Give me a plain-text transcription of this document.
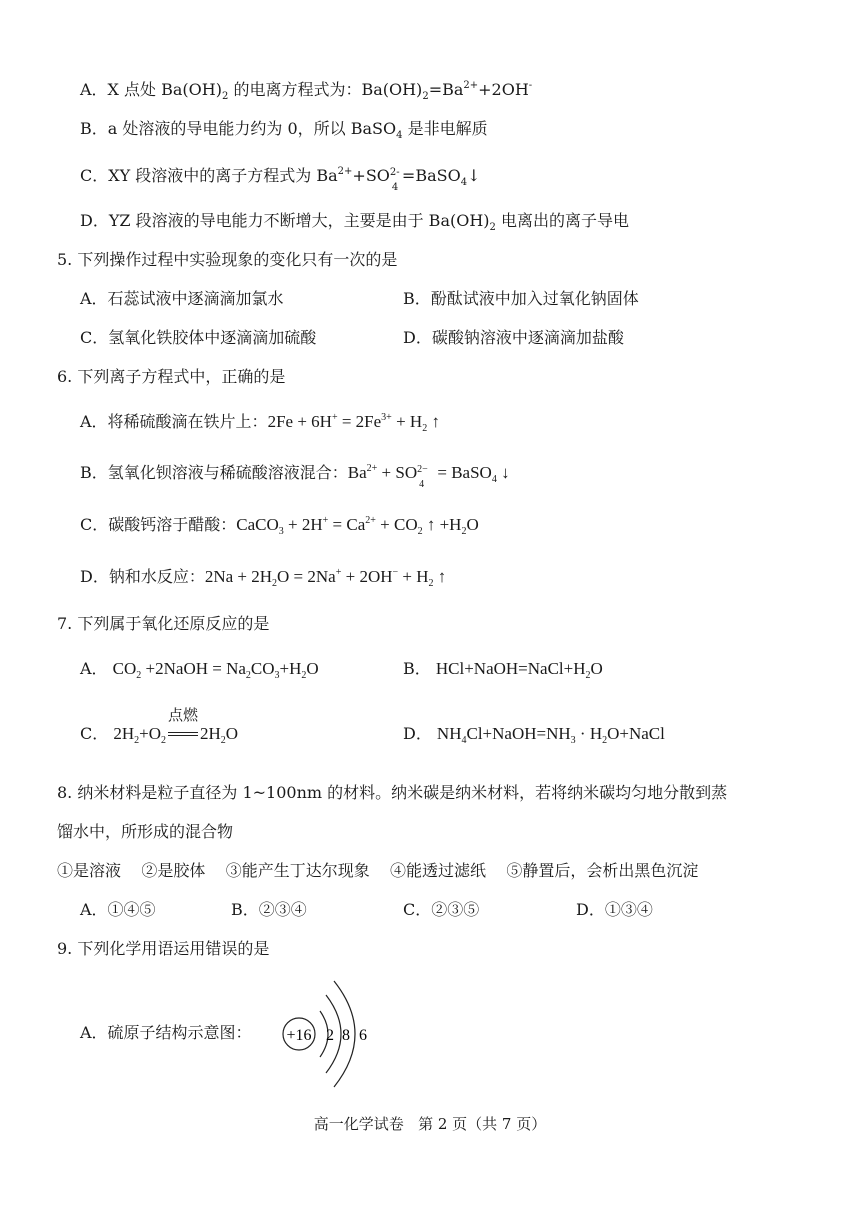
A．X 点处 $Ba(OH)_2$ 的电离方程式为：$Ba(OH)_2=Ba^{2+}+2OH^-$
B．a 处溶液的导电能力约为 0，所以 BaSO$_4$ 是非电解质
C．XY 段溶液中的离子方程式为 $Ba^{2+}+SO$ 2-
4
=BaSO$_4$↓
D．YZ 段溶液的导电能力不断增大，主要是由于 $Ba(OH)_2$ 电离出的离子导电
5. 下列操作过程中实验现象的变化只有一次的是
A．石蕊试液中逐滴滴加氯水	B．酚酞试液中加入过氧化钠固体
C．氢氧化铁胶体中逐滴滴加硫酸	D．碳酸钠溶液中逐滴滴加盐酸
6. 下列离子方程式中，正确的是
A．将稀硫酸滴在铁片上：$2Fe + 6H^+ = 2Fe^{3+} + H_2$ ↑
B．氢氧化钡溶液与稀硫酸溶液混合：$Ba^{2+}$ + SO 2−
4
= BaSO$_4$ ↓
C．碳酸钙溶于醋酸：CaCO$_3$ + $2H^+ = Ca^{2+} + CO_2$ ↑ $+H_2O$
D．钠和水反应：$2Na + 2H_2O = 2Na^+ + 2OH^- + H_2$ ↑
7. 下列属于氧化还原反应的是
A． $CO_2$ +2NaOH = $Na_2CO_3+H_2O$	B． $HCl+NaOH=NaCl+H_2O$
C． $2H_2+O_2$
点燃
$2H_2O$	D． $NH_4Cl+NaOH=NH_3$ · $H_2O+NaCl$
8. 纳米材料是粒子直径为 1~100nm 的材料。纳米碳是纳米材料，若将纳米碳均匀地分散到蒸
馏水中，所形成的混合物
①是溶液    ②是胶体    ③能产生丁达尔现象    ④能透过滤纸    ⑤静置后，会析出黑色沉淀
A．①④⑤	B．②③④	C．②③⑤	D．①③④
9. 下列化学用语运用错误的是
A．硫原子结构示意图： +16 2 8 6
高一化学试卷   第 2 页（共 7 页）
